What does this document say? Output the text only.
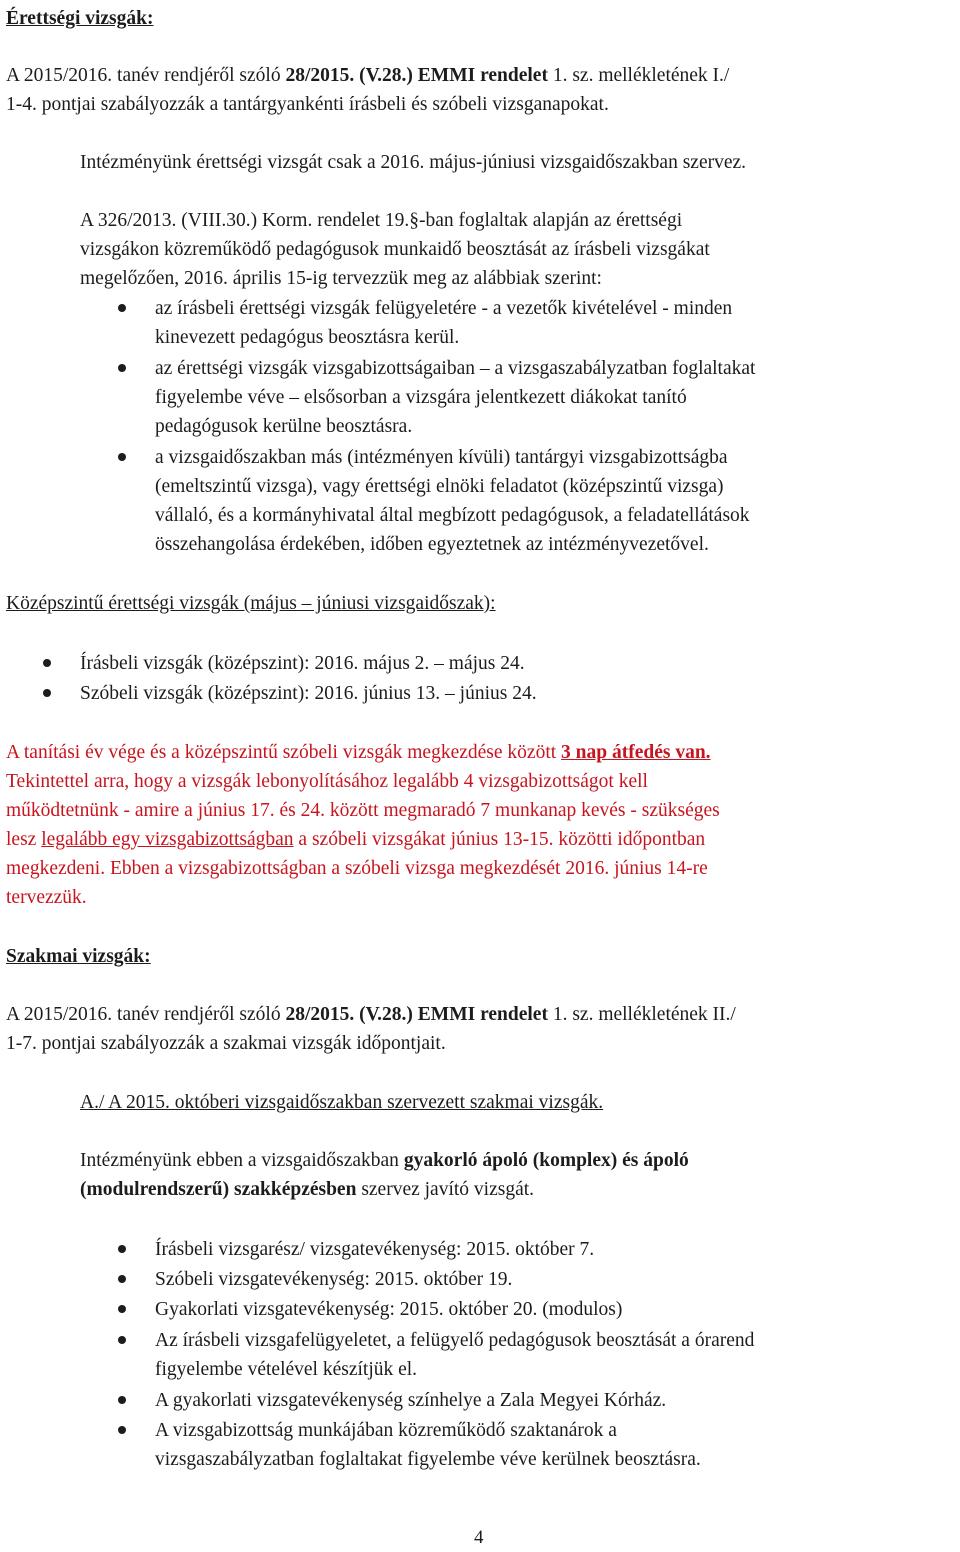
Érettségi vizsgák:
A 2015/2016. tanév rendjéről szóló 28/2015. (V.28.) EMMI rendelet 1. sz. mellékletének I./
1-4. pontjai szabályozzák a tantárgyankénti írásbeli és szóbeli vizsganapokat.
Intézményünk érettségi vizsgát csak a 2016. május-júniusi vizsgaidőszakban szervez.
A 326/2013. (VIII.30.) Korm. rendelet 19.§-ban foglaltak alapján az érettségi
vizsgákon közreműködő pedagógusok munkaidő beosztását az írásbeli vizsgákat
megelőzően, 2016. április 15-ig tervezzük meg az alábbiak szerint:
az írásbeli érettségi vizsgák felügyeletére - a vezetők kivételével - minden
kinevezett pedagógus beosztásra kerül.
az érettségi vizsgák vizsgabizottságaiban – a vizsgaszabályzatban foglaltakat
figyelembe véve – elsősorban a vizsgára jelentkezett diákokat tanító
pedagógusok kerülne beosztásra.
a vizsgaidőszakban más (intézményen kívüli) tantárgyi vizsgabizottságba
(emeltszintű vizsga), vagy érettségi elnöki feladatot (középszintű vizsga)
vállaló, és a kormányhivatal által megbízott pedagógusok, a feladatellátások
összehangolása érdekében, időben egyeztetnek az intézményvezetővel.
Középszintű érettségi vizsgák (május – júniusi vizsgaidőszak):
Írásbeli vizsgák (középszint): 2016. május 2. – május 24.
Szóbeli vizsgák (középszint): 2016. június 13. – június 24.
A tanítási év vége és a középszintű szóbeli vizsgák megkezdése között 3 nap átfedés van.
Tekintettel arra, hogy a vizsgák lebonyolításához legalább 4 vizsgabizottságot kell
működtetnünk - amire a június 17. és 24. között megmaradó 7 munkanap kevés - szükséges
lesz legalább egy vizsgabizottságban a szóbeli vizsgákat június 13-15. közötti időpontban
megkezdeni. Ebben a vizsgabizottságban a szóbeli vizsga megkezdését 2016. június 14-re
tervezzük.
Szakmai vizsgák:
A 2015/2016. tanév rendjéről szóló 28/2015. (V.28.) EMMI rendelet 1. sz. mellékletének II./
1-7. pontjai szabályozzák a szakmai vizsgák időpontjait.
A./ A 2015. októberi vizsgaidőszakban szervezett szakmai vizsgák.
Intézményünk ebben a vizsgaidőszakban gyakorló ápoló (komplex) és ápoló
(modulrendszerű) szakképzésben szervez javító vizsgát.
Írásbeli vizsgarész/ vizsgatevékenység: 2015. október 7.
Szóbeli vizsgatevékenység: 2015. október 19.
Gyakorlati vizsgatevékenység: 2015. október 20. (modulos)
Az írásbeli vizsgafelügyeletet, a felügyelő pedagógusok beosztását a órarend
figyelembe vételével készítjük el.
A gyakorlati vizsgatevékenység színhelye a Zala Megyei Kórház.
A vizsgabizottság munkájában közreműködő szaktanárok a
vizsgaszabályzatban foglaltakat figyelembe véve kerülnek beosztásra.
4
